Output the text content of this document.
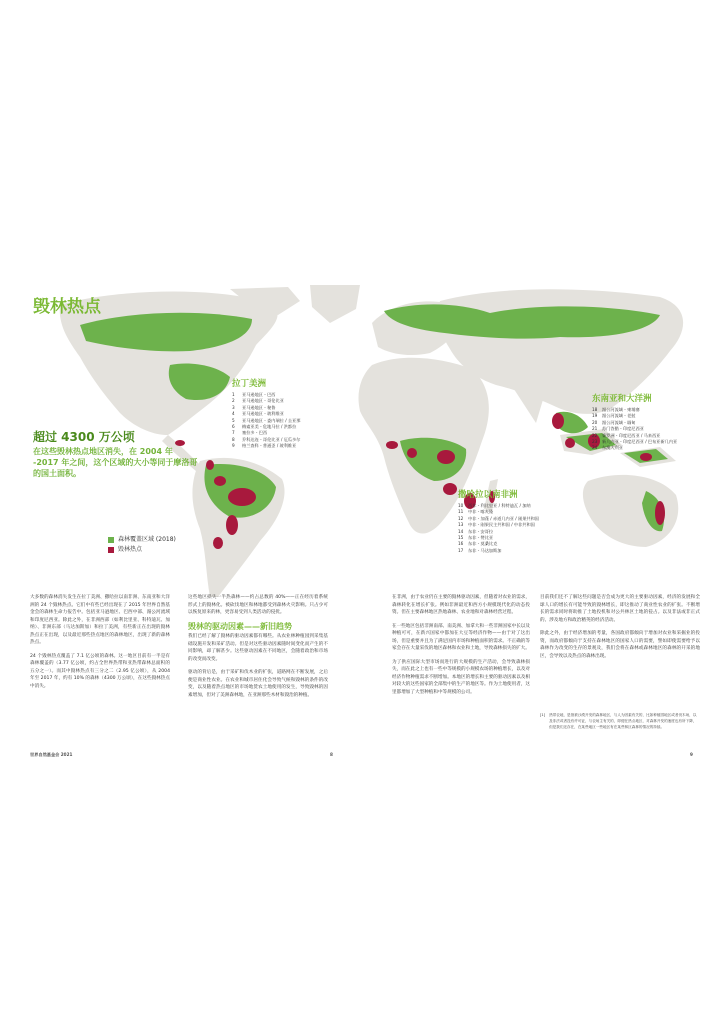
毁林热点

超过 4300 万公顷

在这些毁林热点地区消失，在 2004 年 -2017 年之间，这个区域的大小等同于摩洛哥的国土面积。

拉丁美洲
1 亚马逊地区 - 巴西
2 亚马逊地区 - 哥伦比亚
3 亚马逊地区 - 秘鲁
4 亚马逊地区 - 玻利维亚
5 亚马逊地区 - 委内瑞拉 / 圭亚那
6 梅索亚美 - 危地马拉 / 洪都拉
7 塞拉多 - 巴西
8 乔科达连 - 哥伦比亚 / 厄瓜多尔
9 格兰查科 - 普通歪 / 玻利维亚
撒哈拉以南非洲
10 西非 - 利比里亚 / 科特迪瓦 / 加纳
11 中非 - 喀麦隆
12 中非 - 加蓬 / 赤道几内亚 / 刚果共和国
13 中非 - 刚果民主共和国 / 中非共和国
14 东非 - 安哥拉
15 东非 - 赞比亚
16 东非 - 莫桑比克
17 东非 - 马达加斯加
东南亚和大洋洲
18 湄公河流域 - 柬埔寨
19 湄公河流域 - 老挝
20 湄公河流域 - 缅甸
21 苏门答腊 - 印度尼西亚
22 婆罗洲 - 印度尼西亚 / 马来西亚
23 新几内亚 - 印度尼西亚 / 巴布亚新几内亚
24 东澳大利亚
森林覆盖区域 (2018)
毁林热点

大多数的森林消失发生在拉丁美洲、撒哈拉以南非洲、东南亚和大洋洲的 24 个毁林热点。它们中有些已经出现在了 2015 年世界自然基金会的森林生命力报告中。包括亚马逊地区、巴西中部、湄公河流域和印度尼西亚。除此之外，在非洲西部（如利比里亚、科特迪瓦、加纳）、非洲东部（马达加斯加）和拉丁美洲，有些新正在出现的毁林热点正在出现，以及最近那些热点地区的森林地区，出现了新的森林热点。

24 个毁林热点覆盖了 7.1 亿公顷的森林。这一地区目前有一半是有森林覆盖的（3.77 亿公顷，约占全世界热带和亚热带森林总面积的五分之一）。而其中毁林热点有三分之二（2.95 亿公顷），从 2004 年至 2017 年，约有 10% 的森林（4300 万公顷），在这些毁林热点中消失。

这些地区损失一半热森林——约占总数的 40%——正在经历着系统形式上的毁林化。被砍伐地区和林地都受到森林火灾影响。只占少可以恢复原来的林，更容易受到人类活动的侵扰。

毁林的驱动因素——新旧趋势

我们已经了解了毁林的驱动因素都有哪些。从农业林种植园到采集基础设施开发和采矿活动。但是对这些驱动因素随时间变化而产生的不同影响，却了解甚少。这些驱动因素在不同地区，会随着政治和市场的改变而改变。

驱动的背后是，由于采矿和伐木业的扩张，道路网在不断发展，之后便是商业性农业。在农业和城市居住化会导致气候和毁林的条件的改变，以及随着热点地区的市场地货农土地使用的发生，导致毁林的因素增加，但对了美洲森林地，在亚洲那些木材和毁治的种植。

在非洲，由于农业仍在主要的毁林驱动因素，但随着对农业的需求，森林转化在增长扩张。例如非洲最近和西方小规模现代化的动态投资。但在主要森林地区热地森林、农业地和对森林经营过程。

在一些地区包括非洲南部、南美洲、加拿大和一些非洲国家中长以及种植可可，在新兴国家中都加在大豆等经济作物——由于对了这出场，但是重要并且为了满足国内市场和种植面积的需求。不正确的等家会存在大量采伐的地区森林和农业和土地，导致森林损失的扩大。

为了供应国际大型市场而进行的大规模的生产活动，会导致森林损失，而在此之上也有一些中等规模的小规模农场的种植增长，以及对经济作物种植需求不断增加。本地区的增长和主要的驱动因素以及相对较大的这些国家的全部集中的生产的地区等。作为土地使用者，这里都增加了大型种植和中等规模的公司。

目前我们还不了解这些问题是否会成为更大的主要驱动因素，经济的发展和全球人口的增长有可能导致的毁林增长，即这推动了商业性农业的扩张。不断增长的需求同时将助推了土地投机和对公共林区土地的侵占。以及非法或非正式的、涉及地方和政治精英的经济活动。

除此之外，由于经济增加的考量，各国政府都倾向于增加对农业和采掘业的投资，而政府都倾向于支持在森林地区的国家人口的需要，譬如即使需要给予以森林作为改变的生存的景观及，我们会将在森林或森林地区的森林的开采的地区，会导致以及热点的森林出现。

[1] 热带农地，是指被沙漠开发的森林地区，与人为因素有关的，比如种植园地区或者伐木场，以及非法或者没有许可证，与农场主有关的，即便在热点地区，对森林开发的速度也有所下降，但是我们还存在，在某些地区一些地区有在某些林区森林的情况的持续。
世界自然基金会 2021	8	9
